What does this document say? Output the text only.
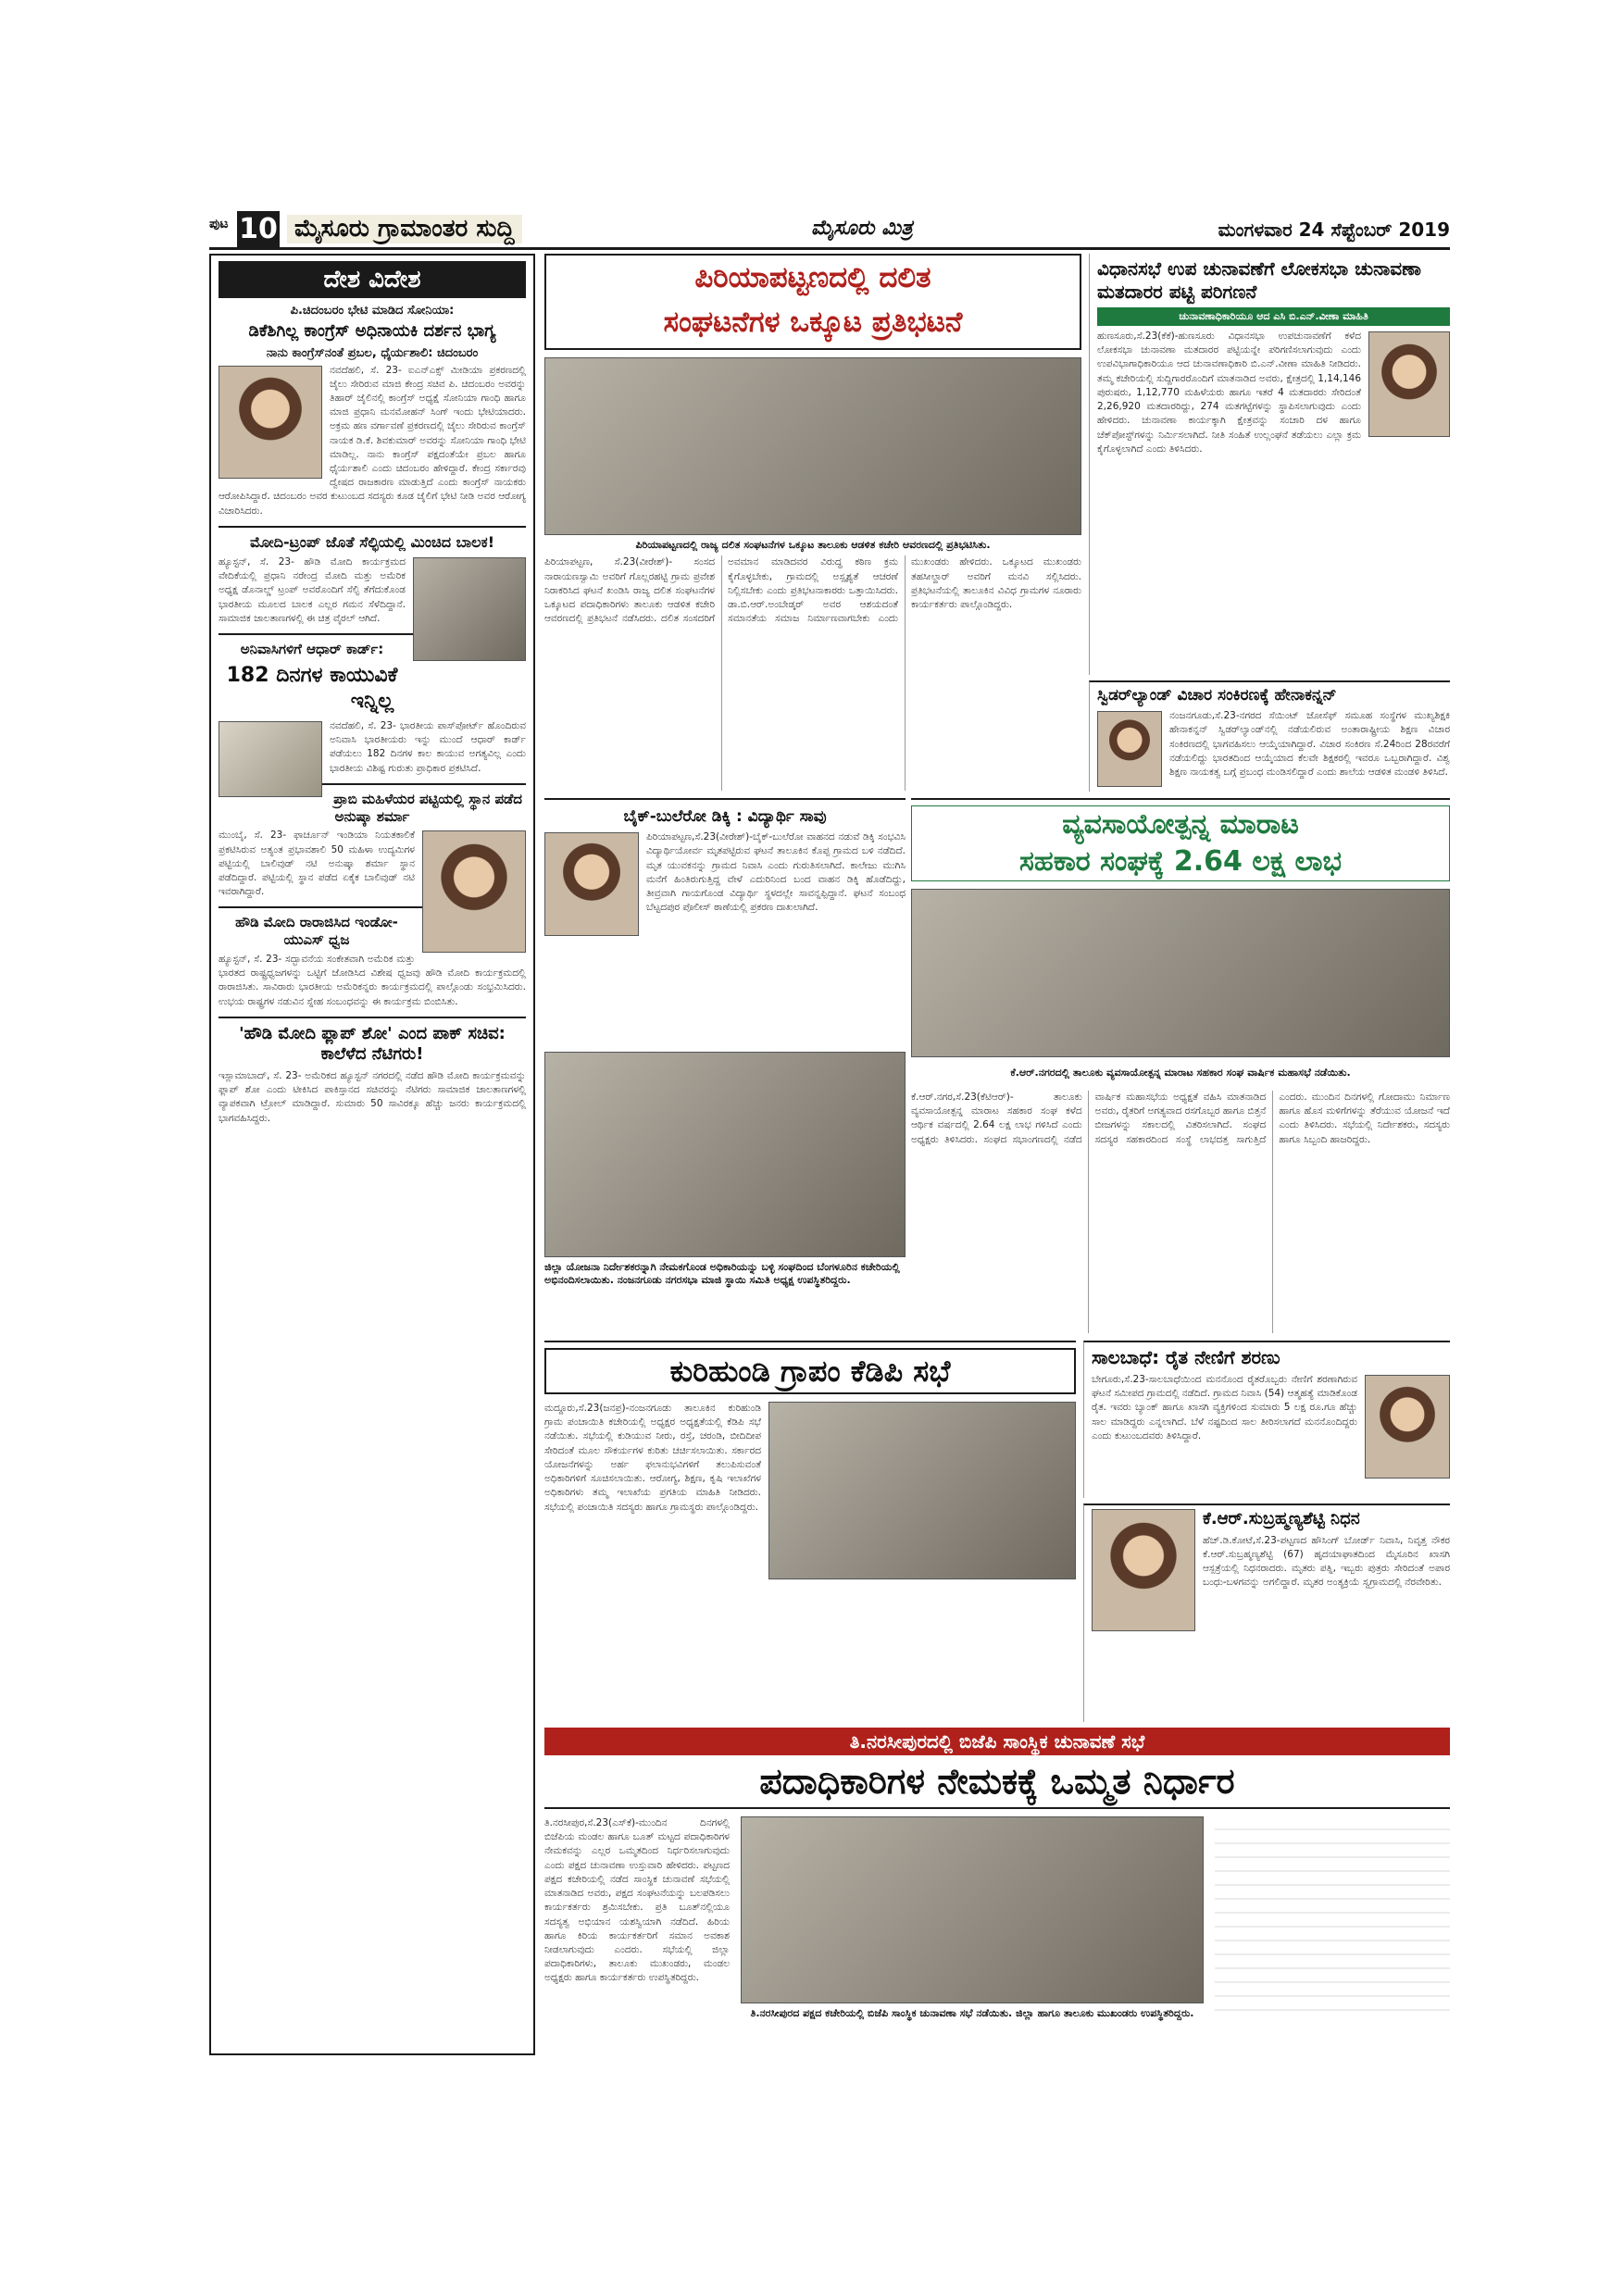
ಪುಟ 10 ಮೈಸೂರು ಗ್ರಾಮಾಂತರ ಸುದ್ದಿ	ಮೈಸೂರು ಮಿತ್ರ	ಮಂಗಳವಾರ 24 ಸೆಪ್ಟೆಂಬರ್ 2019
ದೇಶ ವಿದೇಶ
ಪಿ.ಚಿದಂಬರಂ ಭೇಟಿ ಮಾಡಿದ ಸೋನಿಯಾ:
ಡಿಕೆಶಿಗಿಲ್ಲ ಕಾಂಗ್ರೆಸ್ ಅಧಿನಾಯಕಿ ದರ್ಶನ ಭಾಗ್ಯ
ನಾನು ಕಾಂಗ್ರೆಸ್‌ನಂತೆ ಪ್ರಬಲ, ಧೈರ್ಯಶಾಲಿ: ಚಿದಂಬರಂ
ನವದೆಹಲಿ, ಸೆ. 23- ಐಎನ್‌ಎಕ್ಸ್ ಮೀಡಿಯಾ ಪ್ರಕರಣದಲ್ಲಿ ಜೈಲು ಸೇರಿರುವ ಮಾಜಿ ಕೇಂದ್ರ ಸಚಿವ ಪಿ. ಚಿದಂಬರಂ ಅವರನ್ನು ತಿಹಾರ್ ಜೈಲಿನಲ್ಲಿ ಕಾಂಗ್ರೆಸ್ ಅಧ್ಯಕ್ಷೆ ಸೋನಿಯಾ ಗಾಂಧಿ ಹಾಗೂ ಮಾಜಿ ಪ್ರಧಾನಿ ಮನಮೋಹನ್ ಸಿಂಗ್ ಇಂದು ಭೇಟಿಯಾದರು. ಅಕ್ರಮ ಹಣ ವರ್ಗಾವಣೆ ಪ್ರಕರಣದಲ್ಲಿ ಜೈಲು ಸೇರಿರುವ ಕಾಂಗ್ರೆಸ್ ನಾಯಕ ಡಿ.ಕೆ. ಶಿವಕುಮಾರ್ ಅವರನ್ನು ಸೋನಿಯಾ ಗಾಂಧಿ ಭೇಟಿ ಮಾಡಿಲ್ಲ. ನಾನು ಕಾಂಗ್ರೆಸ್ ಪಕ್ಷದಂತೆಯೇ ಪ್ರಬಲ ಹಾಗೂ ಧೈರ್ಯಶಾಲಿ ಎಂದು ಚಿದಂಬರಂ ಹೇಳಿದ್ದಾರೆ. ಕೇಂದ್ರ ಸರ್ಕಾರವು ದ್ವೇಷದ ರಾಜಕಾರಣ ಮಾಡುತ್ತಿದೆ ಎಂದು ಕಾಂಗ್ರೆಸ್ ನಾಯಕರು ಆರೋಪಿಸಿದ್ದಾರೆ. ಚಿದಂಬರಂ ಅವರ ಕುಟುಂಬದ ಸದಸ್ಯರು ಕೂಡ ಜೈಲಿಗೆ ಭೇಟಿ ನೀಡಿ ಅವರ ಆರೋಗ್ಯ ವಿಚಾರಿಸಿದರು.
ಮೋದಿ-ಟ್ರಂಪ್ ಜೊತೆ ಸೆಲ್ಫಿಯಲ್ಲಿ ಮಿಂಚಿದ ಬಾಲಕ!
ಹ್ಯೂಸ್ಟನ್, ಸೆ. 23- ಹೌಡಿ ಮೋದಿ ಕಾರ್ಯಕ್ರಮದ ವೇದಿಕೆಯಲ್ಲಿ ಪ್ರಧಾನಿ ನರೇಂದ್ರ ಮೋದಿ ಮತ್ತು ಅಮೆರಿಕ ಅಧ್ಯಕ್ಷ ಡೊನಾಲ್ಡ್ ಟ್ರಂಪ್ ಅವರೊಂದಿಗೆ ಸೆಲ್ಫಿ ತೆಗೆದುಕೊಂಡ ಭಾರತೀಯ ಮೂಲದ ಬಾಲಕ ಎಲ್ಲರ ಗಮನ ಸೆಳೆದಿದ್ದಾನೆ. ಸಾಮಾಜಿಕ ಜಾಲತಾಣಗಳಲ್ಲಿ ಈ ಚಿತ್ರ ವೈರಲ್ ಆಗಿದೆ.
ಅನಿವಾಸಿಗಳಿಗೆ ಆಧಾರ್ ಕಾರ್ಡ್:
182 ದಿನಗಳ ಕಾಯುವಿಕೆ ಇನ್ನಿಲ್ಲ
ನವದೆಹಲಿ, ಸೆ. 23- ಭಾರತೀಯ ಪಾಸ್‌ಪೋರ್ಟ್ ಹೊಂದಿರುವ ಅನಿವಾಸಿ ಭಾರತೀಯರು ಇನ್ನು ಮುಂದೆ ಆಧಾರ್ ಕಾರ್ಡ್ ಪಡೆಯಲು 182 ದಿನಗಳ ಕಾಲ ಕಾಯುವ ಅಗತ್ಯವಿಲ್ಲ ಎಂದು ಭಾರತೀಯ ವಿಶಿಷ್ಟ ಗುರುತು ಪ್ರಾಧಿಕಾರ ಪ್ರಕಟಿಸಿದೆ.
ಪ್ರಾಬಿ ಮಹಿಳೆಯರ ಪಟ್ಟಿಯಲ್ಲಿ ಸ್ಥಾನ ಪಡೆದ ಅನುಷ್ಕಾ ಶರ್ಮಾ
ಮುಂಬೈ, ಸೆ. 23- ಫಾರ್ಚೂನ್ ಇಂಡಿಯಾ ನಿಯತಕಾಲಿಕೆ ಪ್ರಕಟಿಸಿರುವ ಅತ್ಯಂತ ಪ್ರಭಾವಶಾಲಿ 50 ಮಹಿಳಾ ಉದ್ಯಮಿಗಳ ಪಟ್ಟಿಯಲ್ಲಿ ಬಾಲಿವುಡ್ ನಟಿ ಅನುಷ್ಕಾ ಶರ್ಮಾ ಸ್ಥಾನ ಪಡೆದಿದ್ದಾರೆ. ಪಟ್ಟಿಯಲ್ಲಿ ಸ್ಥಾನ ಪಡೆದ ಏಕೈಕ ಬಾಲಿವುಡ್ ನಟಿ ಇವರಾಗಿದ್ದಾರೆ.
ಹೌಡಿ ಮೋದಿ ರಾರಾಜಿಸಿದ ಇಂಡೋ-ಯುಎಸ್ ಧ್ವಜ
ಹ್ಯೂಸ್ಟನ್, ಸೆ. 23- ಸದ್ಭಾವನೆಯ ಸಂಕೇತವಾಗಿ ಅಮೆರಿಕ ಮತ್ತು ಭಾರತದ ರಾಷ್ಟ್ರಧ್ವಜಗಳನ್ನು ಒಟ್ಟಿಗೆ ಜೋಡಿಸಿದ ವಿಶೇಷ ಧ್ವಜವು ಹೌಡಿ ಮೋದಿ ಕಾರ್ಯಕ್ರಮದಲ್ಲಿ ರಾರಾಜಿಸಿತು. ಸಾವಿರಾರು ಭಾರತೀಯ ಅಮೆರಿಕನ್ನರು ಕಾರ್ಯಕ್ರಮದಲ್ಲಿ ಪಾಲ್ಗೊಂಡು ಸಂಭ್ರಮಿಸಿದರು. ಉಭಯ ರಾಷ್ಟ್ರಗಳ ನಡುವಿನ ಸ್ನೇಹ ಸಂಬಂಧವನ್ನು ಈ ಕಾರ್ಯಕ್ರಮ ಬಿಂಬಿಸಿತು.
'ಹೌಡಿ ಮೋದಿ ಫ್ಲಾಪ್ ಶೋ' ಎಂದ ಪಾಕ್ ಸಚಿವ: ಕಾಲೆಳೆದ ನೆಟಿಗರು!
ಇಸ್ಲಾಮಾಬಾದ್, ಸೆ. 23- ಅಮೆರಿಕದ ಹ್ಯೂಸ್ಟನ್ ನಗರದಲ್ಲಿ ನಡೆದ ಹೌಡಿ ಮೋದಿ ಕಾರ್ಯಕ್ರಮವನ್ನು ಫ್ಲಾಪ್ ಶೋ ಎಂದು ಟೀಕಿಸಿದ ಪಾಕಿಸ್ತಾನದ ಸಚಿವರನ್ನು ನೆಟಿಗರು ಸಾಮಾಜಿಕ ಜಾಲತಾಣಗಳಲ್ಲಿ ವ್ಯಾಪಕವಾಗಿ ಟ್ರೋಲ್ ಮಾಡಿದ್ದಾರೆ. ಸುಮಾರು 50 ಸಾವಿರಕ್ಕೂ ಹೆಚ್ಚು ಜನರು ಕಾರ್ಯಕ್ರಮದಲ್ಲಿ ಭಾಗವಹಿಸಿದ್ದರು.
ಪಿರಿಯಾಪಟ್ಟಣದಲ್ಲಿ ದಲಿತ
ಸಂಘಟನೆಗಳ ಒಕ್ಕೂಟ ಪ್ರತಿಭಟನೆ
ಪಿರಿಯಾಪಟ್ಟಣದಲ್ಲಿ ರಾಜ್ಯ ದಲಿತ ಸಂಘಟನೆಗಳ ಒಕ್ಕೂಟ ತಾಲೂಕು ಆಡಳಿತ ಕಚೇರಿ ಆವರಣದಲ್ಲಿ ಪ್ರತಿಭಟಿಸಿತು.
ಪಿರಿಯಾಪಟ್ಟಣ, ಸೆ.23(ವೀರೇಶ್)- ಸಂಸದ ನಾರಾಯಣಸ್ವಾಮಿ ಅವರಿಗೆ ಗೊಲ್ಲರಹಟ್ಟಿ ಗ್ರಾಮ ಪ್ರವೇಶ ನಿರಾಕರಿಸಿದ ಘಟನೆ ಖಂಡಿಸಿ ರಾಜ್ಯ ದಲಿತ ಸಂಘಟನೆಗಳ ಒಕ್ಕೂಟದ ಪದಾಧಿಕಾರಿಗಳು ತಾಲೂಕು ಆಡಳಿತ ಕಚೇರಿ ಆವರಣದಲ್ಲಿ ಪ್ರತಿಭಟನೆ ನಡೆಸಿದರು. ದಲಿತ ಸಂಸದರಿಗೆ ಅವಮಾನ ಮಾಡಿದವರ ವಿರುದ್ಧ ಕಠಿಣ ಕ್ರಮ ಕೈಗೊಳ್ಳಬೇಕು, ಗ್ರಾಮದಲ್ಲಿ ಅಸ್ಪೃಶ್ಯತೆ ಆಚರಣೆ ನಿಲ್ಲಿಸಬೇಕು ಎಂದು ಪ್ರತಿಭಟನಾಕಾರರು ಒತ್ತಾಯಿಸಿದರು. ಡಾ.ಬಿ.ಆರ್.ಅಂಬೇಡ್ಕರ್ ಅವರ ಆಶಯದಂತೆ ಸಮಾನತೆಯ ಸಮಾಜ ನಿರ್ಮಾಣವಾಗಬೇಕು ಎಂದು ಮುಖಂಡರು ಹೇಳಿದರು. ಒಕ್ಕೂಟದ ಮುಖಂಡರು ತಹಸೀಲ್ದಾರ್ ಅವರಿಗೆ ಮನವಿ ಸಲ್ಲಿಸಿದರು. ಪ್ರತಿಭಟನೆಯಲ್ಲಿ ತಾಲೂಕಿನ ವಿವಿಧ ಗ್ರಾಮಗಳ ನೂರಾರು ಕಾರ್ಯಕರ್ತರು ಪಾಲ್ಗೊಂಡಿದ್ದರು.
ವಿಧಾನಸಭೆ ಉಪ ಚುನಾವಣೆಗೆ ಲೋಕಸಭಾ ಚುನಾವಣಾ ಮತದಾರರ ಪಟ್ಟಿ ಪರಿಗಣನೆ
ಚುನಾವಣಾಧಿಕಾರಿಯೂ ಆದ ಎಸಿ ಬಿ.ಎನ್.ವೀಣಾ ಮಾಹಿತಿ
ಹುಣಸೂರು,ಸೆ.23(ಕೆಕೆ)-ಹುಣಸೂರು ವಿಧಾನಸಭಾ ಉಪಚುನಾವಣೆಗೆ ಕಳೆದ ಲೋಕಸಭಾ ಚುನಾವಣಾ ಮತದಾರರ ಪಟ್ಟಿಯನ್ನೇ ಪರಿಗಣಿಸಲಾಗುವುದು ಎಂದು ಉಪವಿಭಾಗಾಧಿಕಾರಿಯೂ ಆದ ಚುನಾವಣಾಧಿಕಾರಿ ಬಿ.ಎನ್.ವೀಣಾ ಮಾಹಿತಿ ನೀಡಿದರು. ತಮ್ಮ ಕಚೇರಿಯಲ್ಲಿ ಸುದ್ದಿಗಾರರೊಂದಿಗೆ ಮಾತನಾಡಿದ ಅವರು, ಕ್ಷೇತ್ರದಲ್ಲಿ 1,14,146 ಪುರುಷರು, 1,12,770 ಮಹಿಳೆಯರು ಹಾಗೂ ಇತರೆ 4 ಮತದಾರರು ಸೇರಿದಂತೆ 2,26,920 ಮತದಾರರಿದ್ದು, 274 ಮತಗಟ್ಟೆಗಳನ್ನು ಸ್ಥಾಪಿಸಲಾಗುವುದು ಎಂದು ಹೇಳಿದರು. ಚುನಾವಣಾ ಕಾರ್ಯಕ್ಕಾಗಿ ಕ್ಷೇತ್ರವನ್ನು ಸಂಚಾರಿ ದಳ ಹಾಗೂ ಚೆಕ್‌ಪೋಸ್ಟ್‌ಗಳನ್ನು ನಿರ್ಮಿಸಲಾಗಿದೆ. ನೀತಿ ಸಂಹಿತೆ ಉಲ್ಲಂಘನೆ ತಡೆಯಲು ಎಲ್ಲಾ ಕ್ರಮ ಕೈಗೊಳ್ಳಲಾಗಿದೆ ಎಂದು ತಿಳಿಸಿದರು.
ಸ್ವಿಡರ್‌ಲ್ಯಾಂಡ್ ವಿಚಾರ ಸಂಕಿರಣಕ್ಕೆ ಹೇನಾಕನ್ನನ್
ನಂಜನಗೂಡು,ಸೆ.23-ನಗರದ ಸೆಯಿಂಟ್ ಜೋಸೆಫ್ ಸಮೂಹ ಸಂಸ್ಥೆಗಳ ಮುಖ್ಯಶಿಕ್ಷಕಿ ಹೇನಾಕನ್ನನ್ ಸ್ವಿಡರ್‌ಲ್ಯಾಂಡ್‌ನಲ್ಲಿ ನಡೆಯಲಿರುವ ಅಂತಾರಾಷ್ಟ್ರೀಯ ಶಿಕ್ಷಣ ವಿಚಾರ ಸಂಕಿರಣದಲ್ಲಿ ಭಾಗವಹಿಸಲು ಆಯ್ಕೆಯಾಗಿದ್ದಾರೆ. ವಿಚಾರ ಸಂಕಿರಣ ಸೆ.24ರಿಂದ 28ರವರೆಗೆ ನಡೆಯಲಿದ್ದು ಭಾರತದಿಂದ ಆಯ್ಕೆಯಾದ ಕೆಲವೇ ಶಿಕ್ಷಕರಲ್ಲಿ ಇವರೂ ಒಬ್ಬರಾಗಿದ್ದಾರೆ. ವಿಶ್ವ ಶಿಕ್ಷಣ ನಾಯಕತ್ವ ಬಗ್ಗೆ ಪ್ರಬಂಧ ಮಂಡಿಸಲಿದ್ದಾರೆ ಎಂದು ಶಾಲೆಯ ಆಡಳಿತ ಮಂಡಳಿ ತಿಳಿಸಿದೆ.
ಬೈಕ್-ಬುಲೆರೋ ಡಿಕ್ಕಿ : ವಿದ್ಯಾರ್ಥಿ ಸಾವು
ಪಿರಿಯಾಪಟ್ಟಣ,ಸೆ.23(ವೀರೇಶ್)-ಬೈಕ್-ಬುಲೆರೋ ವಾಹನದ ನಡುವೆ ಡಿಕ್ಕಿ ಸಂಭವಿಸಿ ವಿದ್ಯಾರ್ಥಿಯೋರ್ವ ಮೃತಪಟ್ಟಿರುವ ಘಟನೆ ತಾಲೂಕಿನ ಕೊಪ್ಪ ಗ್ರಾಮದ ಬಳಿ ನಡೆದಿದೆ. ಮೃತ ಯುವಕನನ್ನು ಗ್ರಾಮದ ನಿವಾಸಿ ಎಂದು ಗುರುತಿಸಲಾಗಿದೆ. ಕಾಲೇಜು ಮುಗಿಸಿ ಮನೆಗೆ ಹಿಂತಿರುಗುತ್ತಿದ್ದ ವೇಳೆ ಎದುರಿನಿಂದ ಬಂದ ವಾಹನ ಡಿಕ್ಕಿ ಹೊಡೆದಿದ್ದು, ತೀವ್ರವಾಗಿ ಗಾಯಗೊಂಡ ವಿದ್ಯಾರ್ಥಿ ಸ್ಥಳದಲ್ಲೇ ಸಾವನ್ನಪ್ಪಿದ್ದಾನೆ. ಘಟನೆ ಸಂಬಂಧ ಬೆಟ್ಟದಪುರ ಪೊಲೀಸ್ ಠಾಣೆಯಲ್ಲಿ ಪ್ರಕರಣ ದಾಖಲಾಗಿದೆ.
ವ್ಯವಸಾಯೋತ್ಪನ್ನ ಮಾರಾಟ
ಸಹಕಾರ ಸಂಘಕ್ಕೆ 2.64 ಲಕ್ಷ ಲಾಭ
ಕೆ.ಆರ್.ನಗರದಲ್ಲಿ ತಾಲೂಕು ವ್ಯವಸಾಯೋತ್ಪನ್ನ ಮಾರಾಟ ಸಹಕಾರ ಸಂಘ ವಾರ್ಷಿಕ ಮಹಾಸಭೆ ನಡೆಯಿತು.
ಕೆ.ಆರ್.ನಗರ,ಸೆ.23(ಕೆಟಿಆರ್)- ತಾಲೂಕು ವ್ಯವಸಾಯೋತ್ಪನ್ನ ಮಾರಾಟ ಸಹಕಾರ ಸಂಘ ಕಳೆದ ಆರ್ಥಿಕ ವರ್ಷದಲ್ಲಿ 2.64 ಲಕ್ಷ ಲಾಭ ಗಳಿಸಿದೆ ಎಂದು ಅಧ್ಯಕ್ಷರು ತಿಳಿಸಿದರು. ಸಂಘದ ಸಭಾಂಗಣದಲ್ಲಿ ನಡೆದ ವಾರ್ಷಿಕ ಮಹಾಸಭೆಯ ಅಧ್ಯಕ್ಷತೆ ವಹಿಸಿ ಮಾತನಾಡಿದ ಅವರು, ರೈತರಿಗೆ ಅಗತ್ಯವಾದ ರಸಗೊಬ್ಬರ ಹಾಗೂ ಬಿತ್ತನೆ ಬೀಜಗಳನ್ನು ಸಕಾಲದಲ್ಲಿ ವಿತರಿಸಲಾಗಿದೆ. ಸಂಘದ ಸದಸ್ಯರ ಸಹಕಾರದಿಂದ ಸಂಸ್ಥೆ ಲಾಭದತ್ತ ಸಾಗುತ್ತಿದೆ ಎಂದರು. ಮುಂದಿನ ದಿನಗಳಲ್ಲಿ ಗೋದಾಮು ನಿರ್ಮಾಣ ಹಾಗೂ ಹೊಸ ಮಳಿಗೆಗಳನ್ನು ತೆರೆಯುವ ಯೋಜನೆ ಇದೆ ಎಂದು ತಿಳಿಸಿದರು. ಸಭೆಯಲ್ಲಿ ನಿರ್ದೇಶಕರು, ಸದಸ್ಯರು ಹಾಗೂ ಸಿಬ್ಬಂದಿ ಹಾಜರಿದ್ದರು.
ಜಿಲ್ಲಾ ಯೋಜನಾ ನಿರ್ದೇಶಕರನ್ನಾಗಿ ನೇಮಕಗೊಂಡ ಅಧಿಕಾರಿಯನ್ನು ಬಳ್ಳಿ ಸಂಘದಿಂದ ಬೆಂಗಳೂರಿನ ಕಚೇರಿಯಲ್ಲಿ ಅಭಿನಂದಿಸಲಾಯಿತು. ನಂಜನಗೂಡು ನಗರಸಭಾ ಮಾಜಿ ಸ್ಥಾಯಿ ಸಮಿತಿ ಅಧ್ಯಕ್ಷ ಉಪಸ್ಥಿತರಿದ್ದರು.
ಕುರಿಹುಂಡಿ ಗ್ರಾಪಂ ಕೆಡಿಪಿ ಸಭೆ
ಮದ್ದೂರು,ಸೆ.23(ಜನಪ್ರ)-ನಂಜನಗೂಡು ತಾಲೂಕಿನ ಕುರಿಹುಂಡಿ ಗ್ರಾಮ ಪಂಚಾಯಿತಿ ಕಚೇರಿಯಲ್ಲಿ ಅಧ್ಯಕ್ಷರ ಅಧ್ಯಕ್ಷತೆಯಲ್ಲಿ ಕೆಡಿಪಿ ಸಭೆ ನಡೆಯಿತು. ಸಭೆಯಲ್ಲಿ ಕುಡಿಯುವ ನೀರು, ರಸ್ತೆ, ಚರಂಡಿ, ಬೀದಿದೀಪ ಸೇರಿದಂತೆ ಮೂಲ ಸೌಕರ್ಯಗಳ ಕುರಿತು ಚರ್ಚಿಸಲಾಯಿತು. ಸರ್ಕಾರದ ಯೋಜನೆಗಳನ್ನು ಅರ್ಹ ಫಲಾನುಭವಿಗಳಿಗೆ ತಲುಪಿಸುವಂತೆ ಅಧಿಕಾರಿಗಳಿಗೆ ಸೂಚಿಸಲಾಯಿತು. ಆರೋಗ್ಯ, ಶಿಕ್ಷಣ, ಕೃಷಿ ಇಲಾಖೆಗಳ ಅಧಿಕಾರಿಗಳು ತಮ್ಮ ಇಲಾಖೆಯ ಪ್ರಗತಿಯ ಮಾಹಿತಿ ನೀಡಿದರು. ಸಭೆಯಲ್ಲಿ ಪಂಚಾಯಿತಿ ಸದಸ್ಯರು ಹಾಗೂ ಗ್ರಾಮಸ್ಥರು ಪಾಲ್ಗೊಂಡಿದ್ದರು.
ಸಾಲಬಾಧೆ: ರೈತ ನೇಣಿಗೆ ಶರಣು
ಬೇಗೂರು,ಸೆ.23-ಸಾಲಬಾಧೆಯಿಂದ ಮನನೊಂದ ರೈತರೊಬ್ಬರು ನೇಣಿಗೆ ಶರಣಾಗಿರುವ ಘಟನೆ ಸಮೀಪದ ಗ್ರಾಮದಲ್ಲಿ ನಡೆದಿದೆ. ಗ್ರಾಮದ ನಿವಾಸಿ (54) ಆತ್ಮಹತ್ಯೆ ಮಾಡಿಕೊಂಡ ರೈತ. ಇವರು ಬ್ಯಾಂಕ್ ಹಾಗೂ ಖಾಸಗಿ ವ್ಯಕ್ತಿಗಳಿಂದ ಸುಮಾರು 5 ಲಕ್ಷ ರೂ.ಗೂ ಹೆಚ್ಚು ಸಾಲ ಮಾಡಿದ್ದರು ಎನ್ನಲಾಗಿದೆ. ಬೆಳೆ ನಷ್ಟದಿಂದ ಸಾಲ ತೀರಿಸಲಾಗದೆ ಮನನೊಂದಿದ್ದರು ಎಂದು ಕುಟುಂಬದವರು ತಿಳಿಸಿದ್ದಾರೆ.
ಕೆ.ಆರ್.ಸುಬ್ರಹ್ಮಣ್ಯಶೆಟ್ಟಿ ನಿಧನ
ಹೆಚ್.ಡಿ.ಕೋಟೆ,ಸೆ.23-ಪಟ್ಟಣದ ಹೌಸಿಂಗ್ ಬೋರ್ಡ್ ನಿವಾಸಿ, ನಿವೃತ್ತ ನೌಕರ ಕೆ.ಆರ್.ಸುಬ್ರಹ್ಮಣ್ಯಶೆಟ್ಟಿ (67) ಹೃದಯಾಘಾತದಿಂದ ಮೈಸೂರಿನ ಖಾಸಗಿ ಆಸ್ಪತ್ರೆಯಲ್ಲಿ ನಿಧನರಾದರು. ಮೃತರು ಪತ್ನಿ, ಇಬ್ಬರು ಪುತ್ರರು ಸೇರಿದಂತೆ ಅಪಾರ ಬಂಧು-ಬಳಗವನ್ನು ಅಗಲಿದ್ದಾರೆ. ಮೃತರ ಅಂತ್ಯಕ್ರಿಯೆ ಸ್ವಗ್ರಾಮದಲ್ಲಿ ನೆರವೇರಿತು.
ತಿ.ನರಸೀಪುರದಲ್ಲಿ ಬಿಜೆಪಿ ಸಾಂಸ್ಥಿಕ ಚುನಾವಣೆ ಸಭೆ
ಪದಾಧಿಕಾರಿಗಳ ನೇಮಕಕ್ಕೆ ಒಮ್ಮತ ನಿರ್ಧಾರ
ತಿ.ನರಸೀಪುರ,ಸೆ.23(ಎಸ್‌ಕೆ)-ಮುಂದಿನ ದಿನಗಳಲ್ಲಿ ಬಿಜೆಪಿಯ ಮಂಡಲ ಹಾಗೂ ಬೂತ್ ಮಟ್ಟದ ಪದಾಧಿಕಾರಿಗಳ ನೇಮಕವನ್ನು ಎಲ್ಲರ ಒಮ್ಮತದಿಂದ ನಿರ್ಧರಿಸಲಾಗುವುದು ಎಂದು ಪಕ್ಷದ ಚುನಾವಣಾ ಉಸ್ತುವಾರಿ ಹೇಳಿದರು. ಪಟ್ಟಣದ ಪಕ್ಷದ ಕಚೇರಿಯಲ್ಲಿ ನಡೆದ ಸಾಂಸ್ಥಿಕ ಚುನಾವಣೆ ಸಭೆಯಲ್ಲಿ ಮಾತನಾಡಿದ ಅವರು, ಪಕ್ಷದ ಸಂಘಟನೆಯನ್ನು ಬಲಪಡಿಸಲು ಕಾರ್ಯಕರ್ತರು ಶ್ರಮಿಸಬೇಕು. ಪ್ರತಿ ಬೂತ್‌ನಲ್ಲಿಯೂ ಸದಸ್ಯತ್ವ ಅಭಿಯಾನ ಯಶಸ್ವಿಯಾಗಿ ನಡೆದಿದೆ. ಹಿರಿಯ ಹಾಗೂ ಕಿರಿಯ ಕಾರ್ಯಕರ್ತರಿಗೆ ಸಮಾನ ಅವಕಾಶ ನೀಡಲಾಗುವುದು ಎಂದರು. ಸಭೆಯಲ್ಲಿ ಜಿಲ್ಲಾ ಪದಾಧಿಕಾರಿಗಳು, ತಾಲೂಕು ಮುಖಂಡರು, ಮಂಡಲ ಅಧ್ಯಕ್ಷರು ಹಾಗೂ ಕಾರ್ಯಕರ್ತರು ಉಪಸ್ಥಿತರಿದ್ದರು.
ತಿ.ನರಸೀಪುರದ ಪಕ್ಷದ ಕಚೇರಿಯಲ್ಲಿ ಬಿಜೆಪಿ ಸಾಂಸ್ಥಿಕ ಚುನಾವಣಾ ಸಭೆ ನಡೆಯಿತು. ಜಿಲ್ಲಾ ಹಾಗೂ ತಾಲೂಕು ಮುಖಂಡರು ಉಪಸ್ಥಿತರಿದ್ದರು.
